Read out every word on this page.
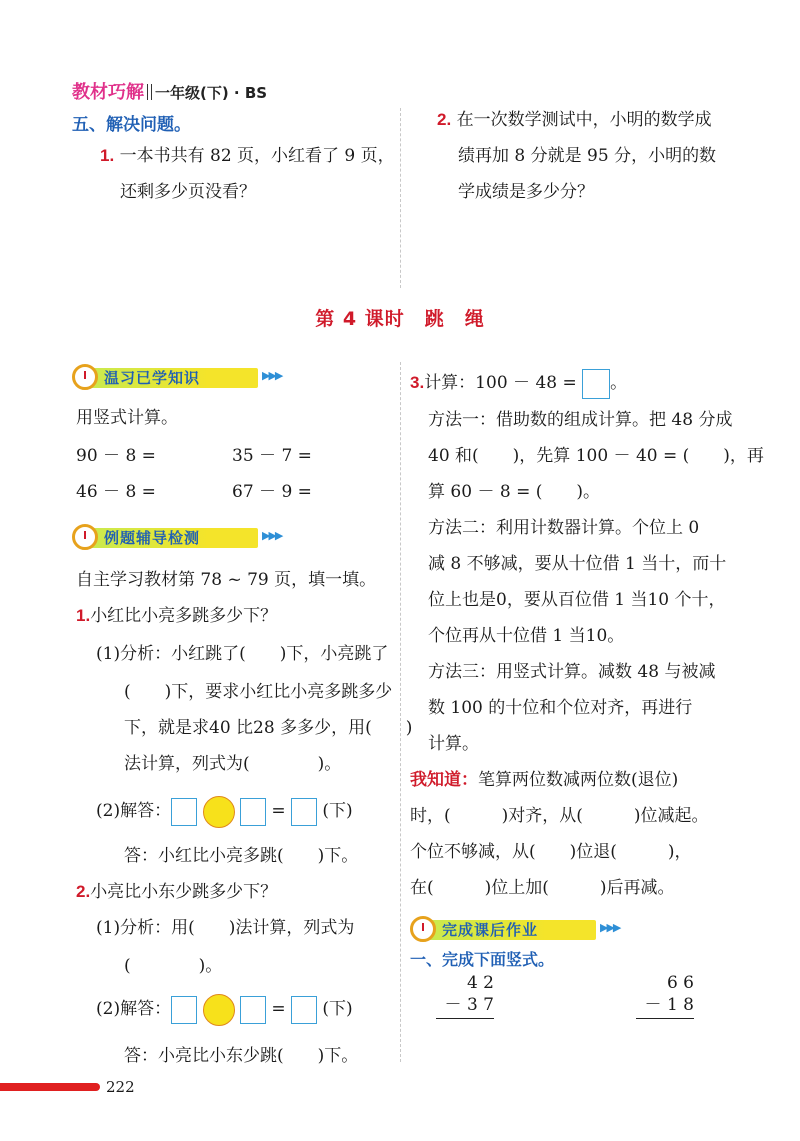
教材巧解 一年级(下) · BS
五、解决问题。
1. 一本书共有 82 页，小红看了 9 页，
还剩多少页没看？
2. 在一次数学测试中，小明的数学成
绩再加 8 分就是 95 分，小明的数
学成绩是多少分？
第 4 课时　跳　绳
温习已学知识	▶▶▶
用竖式计算。
90 － 8 =	35 － 7 =
46 － 8 =	67 － 9 =
例题辅导检测	▶▶▶
自主学习教材第 78 ~ 79 页，填一填。
1.小红比小亮多跳多少下？
(1)分析：小红跳了(　　)下，小亮跳了
(　　)下，要求小红比小亮多跳多少
下，就是求40 比28 多多少，用(　　)
法计算，列式为(　　　　)。
(2)解答：	= (下)
答：小红比小亮多跳(　　)下。
2.小亮比小东少跳多少下？
(1)分析：用(　　)法计算，列式为
(　　　　)。
(2)解答：	= (下)
答：小亮比小东少跳(　　)下。
3.计算：100 － 48 = 。
方法一：借助数的组成计算。把 48 分成
40 和(　　)，先算 100 － 40 = (　　)，再
算 60 － 8 = (　　)。
方法二：利用计数器计算。个位上 0
减 8 不够减，要从十位借 1 当十，而十
位上也是0，要从百位借 1 当10 个十，
个位再从十位借 1 当10。
方法三：用竖式计算。减数 48 与被减
数 100 的十位和个位对齐，再进行
计算。
我知道：笔算两位数减两位数(退位)
时，(　　　)对齐，从(　　　)位减起。
个位不够减，从(　　)位退(　　　)，
在(　　　)位上加(　　　)后再减。
完成课后作业	▶▶▶
一、完成下面竖式。
4 2 － 3 7
6 6 － 1 8
222
